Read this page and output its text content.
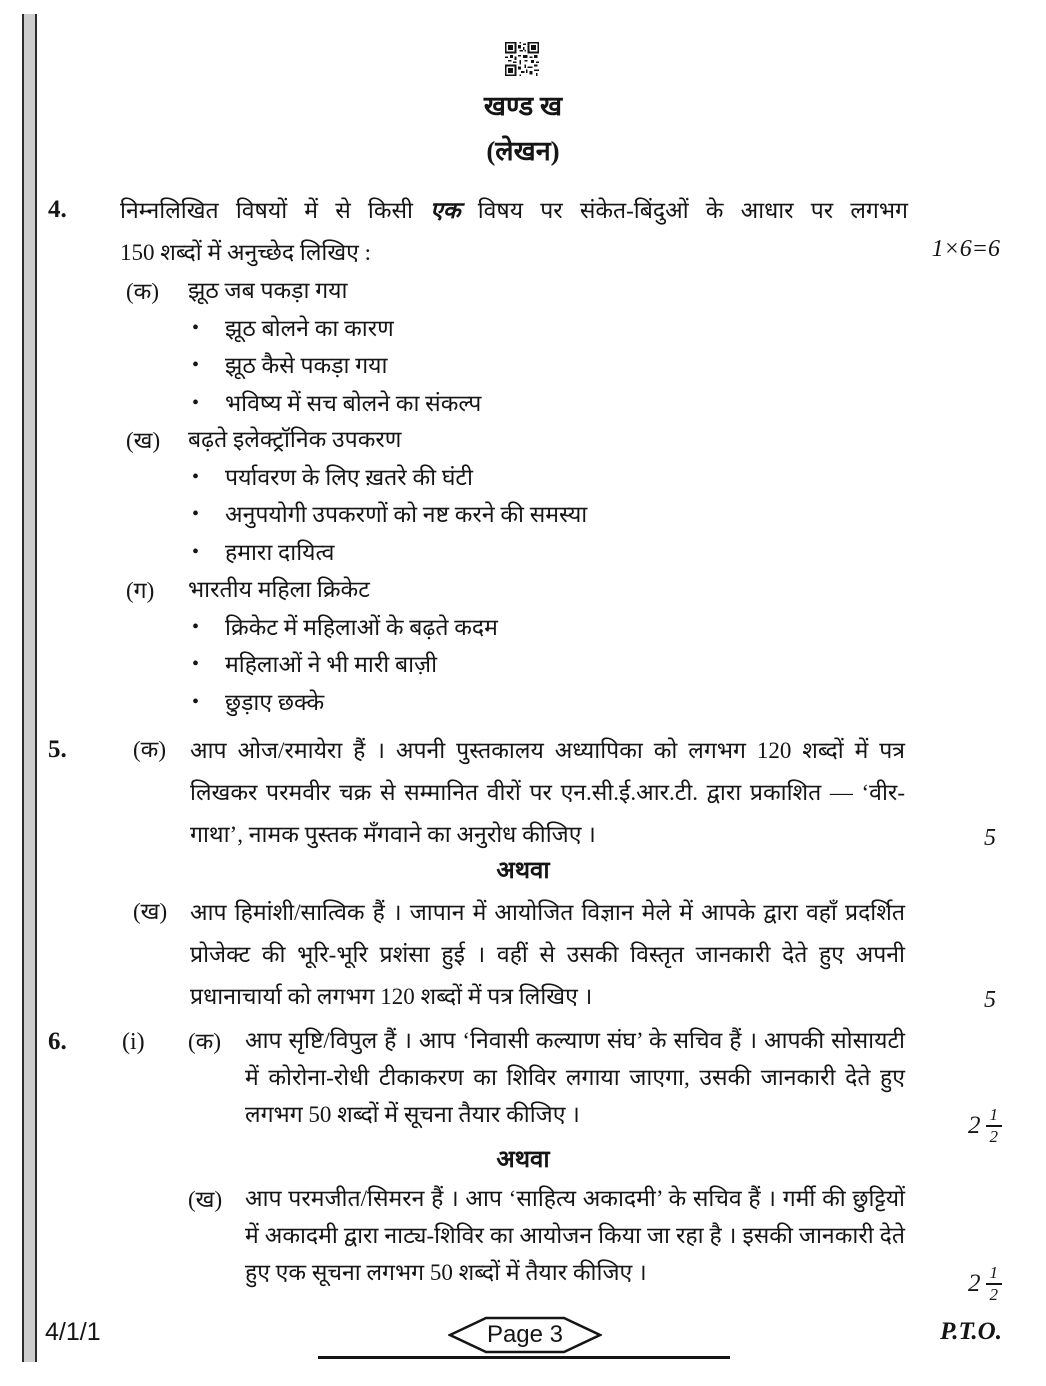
खण्ड ख
(लेखन)
4. निम्नलिखित विषयों में से किसी एक विषय पर संकेत-बिंदुओं के आधार पर लगभग
150 शब्दों में अनुच्छेद लिखिए :	1×6=6
(क) झूठ जब पकड़ा गया
•	झूठ बोलने का कारण
•	झूठ कैसे पकड़ा गया
•	भविष्य में सच बोलने का संकल्प
(ख) बढ़ते इलेक्ट्रॉनिक उपकरण
•	पर्यावरण के लिए ख़तरे की घंटी
•	अनुपयोगी उपकरणों को नष्ट करने की समस्या
•	हमारा दायित्व
(ग) भारतीय महिला क्रिकेट
•	क्रिकेट में महिलाओं के बढ़ते कदम
•	महिलाओं ने भी मारी बाज़ी
•	छुड़ाए छक्के
5.	(क) आप ओज/रमायेरा हैं । अपनी पुस्तकालय अध्यापिका को लगभग 120 शब्दों में पत्र लिखकर परमवीर चक्र से सम्मानित वीरों पर एन.सी.ई.आर.टी. द्वारा प्रकाशित — ‘वीर-गाथा’, नामक पुस्तक मँगवाने का अनुरोध कीजिए ।	5
अथवा
(ख) आप हिमांशी/सात्विक हैं । जापान में आयोजित विज्ञान मेले में आपके द्वारा वहाँ प्रदर्शित प्रोजेक्ट की भूरि-भूरि प्रशंसा हुई । वहीं से उसकी विस्तृत जानकारी देते हुए अपनी प्रधानाचार्या को लगभग 120 शब्दों में पत्र लिखिए ।	5
6. (i) (क) आप सृष्टि/विपुल हैं । आप ‘निवासी कल्याण संघ’ के सचिव हैं । आपकी सोसायटी में कोरोना-रोधी टीकाकरण का शिविर लगाया जाएगा, उसकी जानकारी देते हुए लगभग 50 शब्दों में सूचना तैयार कीजिए ।	$2 \frac{1}{2}$
अथवा
(ख) आप परमजीत/सिमरन हैं । आप ‘साहित्य अकादमी’ के सचिव हैं । गर्मी की छुट्टियों में अकादमी द्वारा नाट्य-शिविर का आयोजन किया जा रहा है । इसकी जानकारी देते हुए एक सूचना लगभग 50 शब्दों में तैयार कीजिए ।	$2 \frac{1}{2}$
4/1/1	Page 3	P.T.O.
